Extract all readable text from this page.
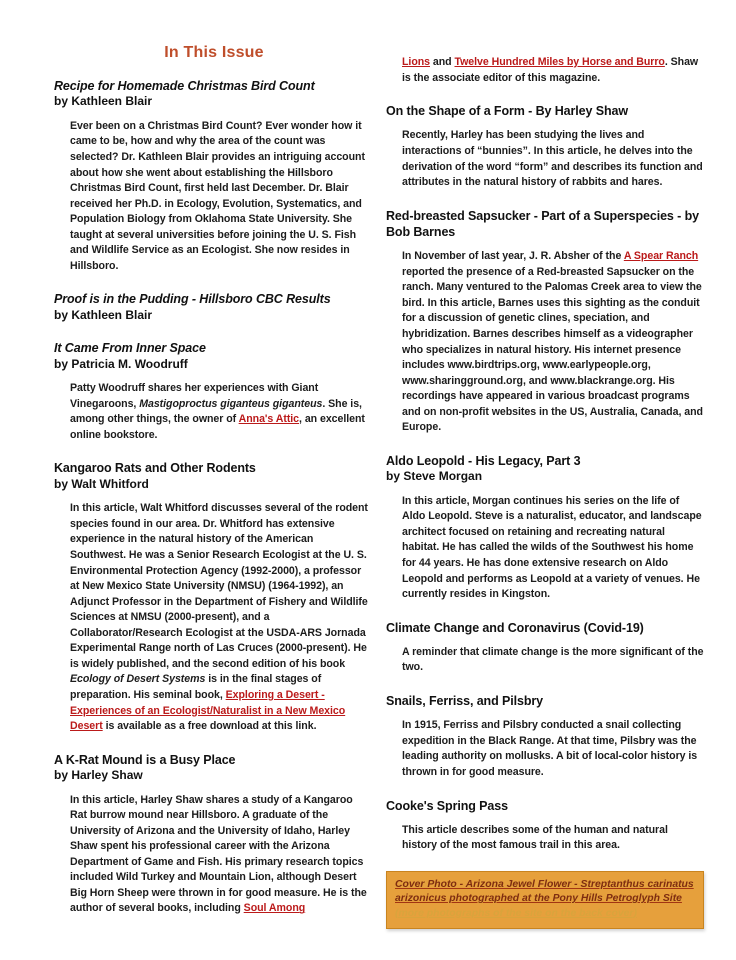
In This Issue
Recipe for Homemade Christmas Bird Count
by Kathleen Blair

Ever been on a Christmas Bird Count? Ever wonder how it came to be, how and why the area of the count was selected? Dr. Kathleen Blair provides an intriguing account about how she went about establishing the Hillsboro Christmas Bird Count, first held last December. Dr. Blair received her Ph.D. in Ecology, Evolution, Systematics, and Population Biology from Oklahoma State University. She taught at several universities before joining the U. S. Fish and Wildlife Service as an Ecologist. She now resides in Hillsboro.

Proof is in the Pudding - Hillsboro CBC Results
by Kathleen Blair
It Came From Inner Space
by Patricia M. Woodruff

Patty Woodruff shares her experiences with Giant Vinegaroons, Mastigoproctus giganteus giganteus. She is, among other things, the owner of Anna's Attic, an excellent online bookstore.

Kangaroo Rats and Other Rodents
by Walt Whitford

In this article, Walt Whitford discusses several of the rodent species found in our area. Dr. Whitford has extensive experience in the natural history of the American Southwest. He was a Senior Research Ecologist at the U. S. Environmental Protection Agency (1992-2000), a professor at New Mexico State University (NMSU) (1964-1992), an Adjunct Professor in the Department of Fishery and Wildlife Sciences at NMSU (2000-present), and a Collaborator/Research Ecologist at the USDA-ARS Jornada Experimental Range north of Las Cruces (2000-present). He is widely published, and the second edition of his book Ecology of Desert Systems is in the final stages of preparation. His seminal book, Exploring a Desert - Experiences of an Ecologist/Naturalist in a New Mexico Desert is available as a free download at this link.

A K-Rat Mound is a Busy Place
by Harley Shaw

In this article, Harley Shaw shares a study of a Kangaroo Rat burrow mound near Hillsboro. A graduate of the University of Arizona and the University of Idaho, Harley Shaw spent his professional career with the Arizona Department of Game and Fish. His primary research topics included Wild Turkey and Mountain Lion, although Desert Big Horn Sheep were thrown in for good measure. He is the author of several books, including Soul Among

Lions and Twelve Hundred Miles by Horse and Burro. Shaw is the associate editor of this magazine.

On the Shape of a Form - By Harley Shaw

Recently, Harley has been studying the lives and interactions of “bunnies”. In this article, he delves into the derivation of the word “form” and describes its function and attributes in the natural history of rabbits and hares.

Red-breasted Sapsucker - Part of a Superspecies - by Bob Barnes

In November of last year, J. R. Absher of the A Spear Ranch reported the presence of a Red-breasted Sapsucker on the ranch. Many ventured to the Palomas Creek area to view the bird. In this article, Barnes uses this sighting as the conduit for a discussion of genetic clines, speciation, and hybridization. Barnes describes himself as a videographer who specializes in natural history. His internet presence includes www.birdtrips.org, www.earlypeople.org, www.sharingground.org, and www.blackrange.org. His recordings have appeared in various broadcast programs and on non-profit websites in the US, Australia, Canada, and Europe.

Aldo Leopold - His Legacy, Part 3
by Steve Morgan

In this article, Morgan continues his series on the life of Aldo Leopold. Steve is a naturalist, educator, and landscape architect focused on retaining and recreating natural habitat. He has called the wilds of the Southwest his home for 44 years. He has done extensive research on Aldo Leopold and performs as Leopold at a variety of venues. He currently resides in Kingston.

Climate Change and Coronavirus (Covid-19)

A reminder that climate change is the more significant of the two.

Snails, Ferriss, and Pilsbry

In 1915, Ferriss and Pilsbry conducted a snail collecting expedition in the Black Range. At that time, Pilsbry was the leading authority on mollusks. A bit of local-color history is thrown in for good measure.

Cooke's Spring Pass

This article describes some of the human and natural history of the most famous trail in this area.

Cover Photo - Arizona Jewel Flower - Streptanthus carinatus arizonicus photographed at the Pony Hills Petroglyph Site
(more photographs of the site on the back cover)
